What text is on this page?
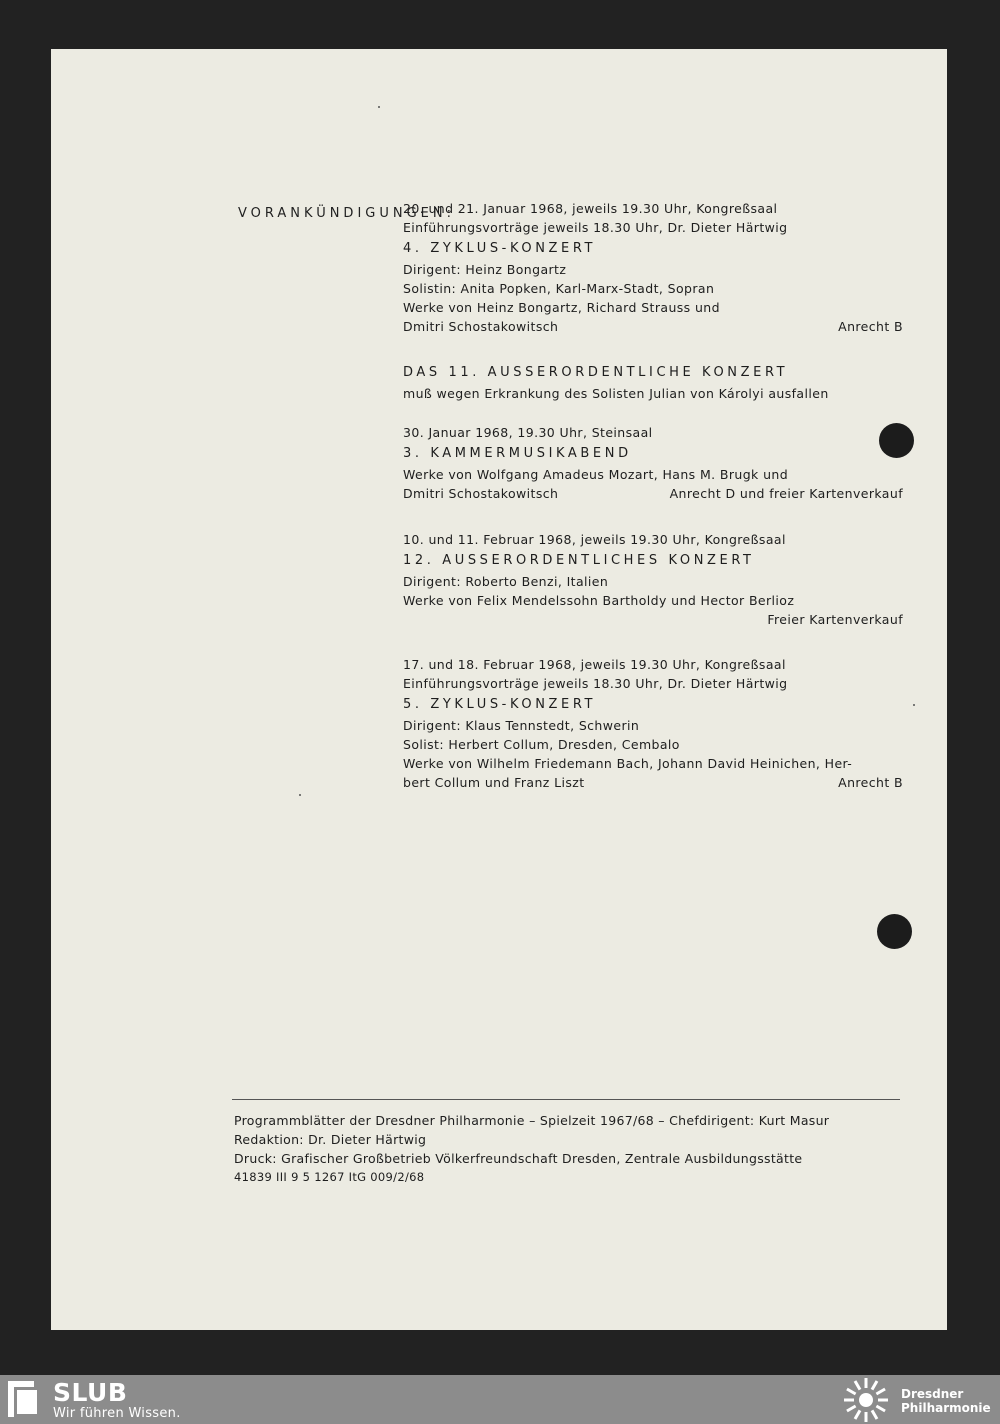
VORANKÜNDIGUNGEN:
20. und 21. Januar 1968, jeweils 19.30 Uhr, Kongreßsaal
Einführungsvorträge jeweils 18.30 Uhr, Dr. Dieter Härtwig
4. ZYKLUS-KONZERT
Dirigent: Heinz Bongartz
Solistin: Anita Popken, Karl-Marx-Stadt, Sopran
Werke von Heinz Bongartz, Richard Strauss und
Dmitri Schostakowitsch	Anrecht B
DAS 11. AUSSERORDENTLICHE KONZERT
muß wegen Erkrankung des Solisten Julian von Károlyi ausfallen
30. Januar 1968, 19.30 Uhr, Steinsaal
3. KAMMERMUSIKABEND
Werke von Wolfgang Amadeus Mozart, Hans M. Brugk und
Dmitri Schostakowitsch	Anrecht D und freier Kartenverkauf
10. und 11. Februar 1968, jeweils 19.30 Uhr, Kongreßsaal
12. AUSSERORDENTLICHES KONZERT
Dirigent: Roberto Benzi, Italien
Werke von Felix Mendelssohn Bartholdy und Hector Berlioz
Freier Kartenverkauf
17. und 18. Februar 1968, jeweils 19.30 Uhr, Kongreßsaal
Einführungsvorträge jeweils 18.30 Uhr, Dr. Dieter Härtwig
5. ZYKLUS-KONZERT
Dirigent: Klaus Tennstedt, Schwerin
Solist: Herbert Collum, Dresden, Cembalo
Werke von Wilhelm Friedemann Bach, Johann David Heinichen, Her-
bert Collum und Franz Liszt	Anrecht B
Programmblätter der Dresdner Philharmonie – Spielzeit 1967/68 – Chefdirigent: Kurt Masur
Redaktion: Dr. Dieter Härtwig
Druck: Grafischer Großbetrieb Völkerfreundschaft Dresden, Zentrale Ausbildungsstätte
41839 III 9 5 1267 ItG 009/2/68
SLUB
Wir führen Wissen.
Dresdner
Philharmonie
